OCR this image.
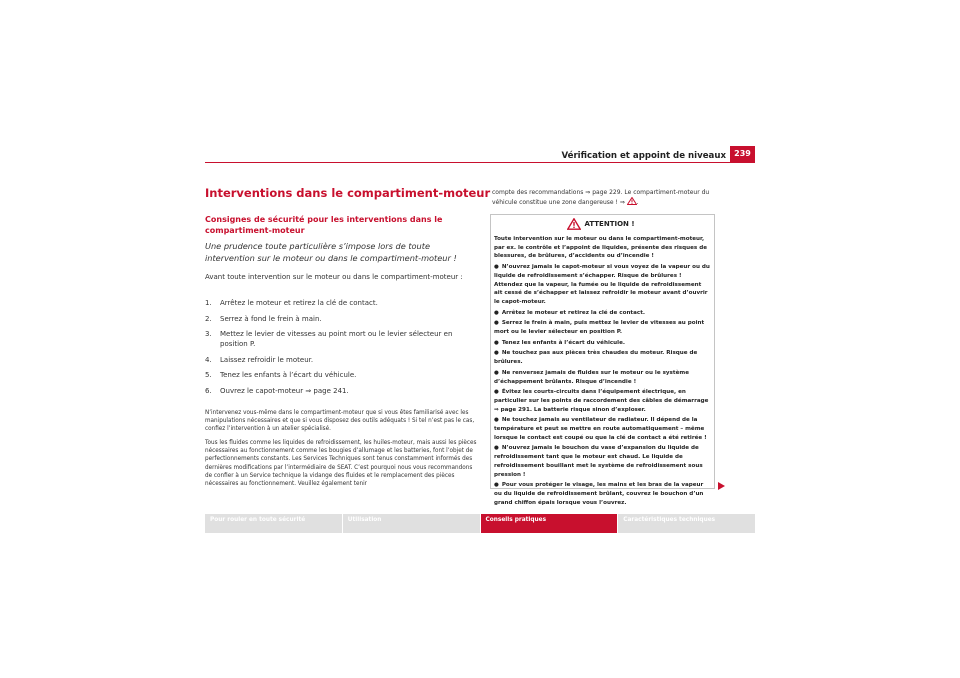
Vérification et appoint de niveaux	239
Interventions dans le compartiment-moteur
Consignes de sécurité pour les interventions dans le compartiment-moteur

Une prudence toute particulière s’impose lors de toute intervention sur le moteur ou dans le compartiment-moteur !

Avant toute intervention sur le moteur ou dans le compartiment-moteur :

1.	Arrêtez le moteur et retirez la clé de contact.
2.	Serrez à fond le frein à main.
3.	Mettez le levier de vitesses au point mort ou le levier sélecteur en position P.
4.	Laissez refroidir le moteur.
5.	Tenez les enfants à l’écart du véhicule.
6.	Ouvrez le capot-moteur ⇒ page 241.

N’intervenez vous-même dans le compartiment-moteur que si vous êtes familiarisé avec les manipulations nécessaires et que si vous disposez des outils adéquats ! Si tel n’est pas le cas, confiez l’intervention à un atelier spécialisé.

Tous les fluides comme les liquides de refroidissement, les huiles-moteur, mais aussi les pièces nécessaires au fonctionnement comme les bougies d’allumage et les batteries, font l’objet de perfectionnements constants. Les Services Techniques sont tenus constamment informés des dernières modifications par l’intermédiaire de SEAT. C’est pourquoi nous vous recommandons de confier à un Service technique la vidange des fluides et le remplacement des pièces nécessaires au fonctionnement. Veuillez également tenir

compte des recommandations ⇒ page 229. Le compartiment-moteur du véhicule constitue une zone dangereuse ! ⇒ .

ATTENTION !

Toute intervention sur le moteur ou dans le compartiment-moteur, par ex. le contrôle et l’appoint de liquides, présente des risques de blessures, de brûlures, d’accidents ou d’incendie !

● N’ouvrez jamais le capot-moteur si vous voyez de la vapeur ou du liquide de refroidissement s’échapper. Risque de brûlures ! Attendez que la vapeur, la fumée ou le liquide de refroidissement ait cessé de s’échapper et laissez refroidir le moteur avant d’ouvrir le capot-moteur.
● Arrêtez le moteur et retirez la clé de contact.
● Serrez le frein à main, puis mettez le levier de vitesses au point mort ou le levier sélecteur en position P.
● Tenez les enfants à l’écart du véhicule.
● Ne touchez pas aux pièces très chaudes du moteur. Risque de brûlures.
● Ne renversez jamais de fluides sur le moteur ou le système d’échappement brûlants. Risque d’incendie !
● Évitez les courts-circuits dans l’équipement électrique, en particulier sur les points de raccordement des câbles de démarrage ⇒ page 291. La batterie risque sinon d’exploser.
● Ne touchez jamais au ventilateur de radiateur. Il dépend de la température et peut se mettre en route automatiquement – même lorsque le contact est coupé ou que la clé de contact a été retirée !
● N’ouvrez jamais le bouchon du vase d’expansion du liquide de refroidissement tant que le moteur est chaud. Le liquide de refroidissement bouillant met le système de refroidissement sous pression !
● Pour vous protéger le visage, les mains et les bras de la vapeur ou du liquide de refroidissement brûlant, couvrez le bouchon d’un grand chiffon épais lorsque vous l’ouvrez.
Pour rouler en toute sécurité	Utilisation	Conseils pratiques	Caractéristiques techniques
